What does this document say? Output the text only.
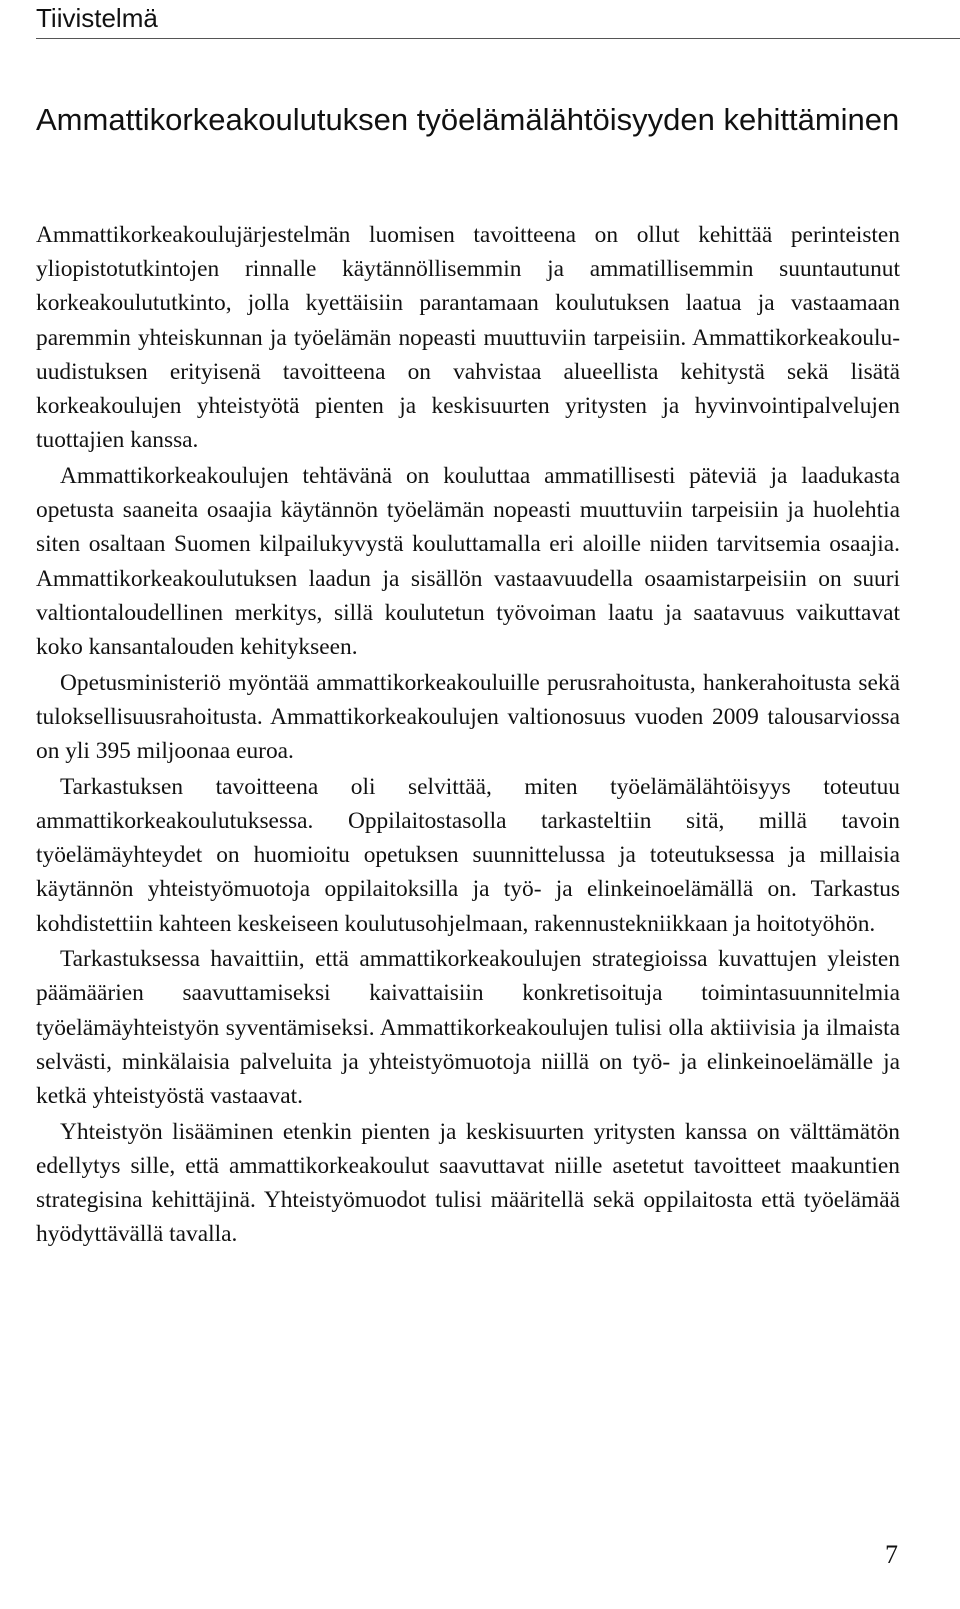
Tiivistelmä
Ammattikorkeakoulutuksen työelämälähtöisyyden kehittäminen

Ammattikorkeakoulujärjestelmän luomisen tavoitteena on ollut kehittää perinteisten yliopistotutkintojen rinnalle käytännöllisemmin ja ammatillisemmin suuntautunut korkeakoulututkinto, jolla kyettäisiin parantamaan koulutuksen laatua ja vastaamaan paremmin yhteiskunnan ja työelämän nopeasti muuttuviin tarpeisiin. Ammattikorkeakoulu-uudistuksen erityisenä tavoitteena on vahvistaa alueellista kehitystä sekä lisätä korkeakoulujen yhteistyötä pienten ja keskisuurten yritysten ja hyvinvointipalvelujen tuottajien kanssa.

Ammattikorkeakoulujen tehtävänä on kouluttaa ammatillisesti päteviä ja laadukasta opetusta saaneita osaajia käytännön työelämän nopeasti muuttuviin tarpeisiin ja huolehtia siten osaltaan Suomen kilpailukyvystä kouluttamalla eri aloille niiden tarvitsemia osaajia. Ammattikorkeakoulutuksen laadun ja sisällön vastaavuudella osaamistarpeisiin on suuri valtiontaloudellinen merkitys, sillä koulutetun työvoiman laatu ja saatavuus vaikuttavat koko kansantalouden kehitykseen.

Opetusministeriö myöntää ammattikorkeakouluille perusrahoitusta, hankerahoitusta sekä tuloksellisuusrahoitusta. Ammattikorkeakoulujen valtionosuus vuoden 2009 talousarviossa on yli 395 miljoonaa euroa.

Tarkastuksen tavoitteena oli selvittää, miten työelämälähtöisyys toteutuu ammattikorkeakoulutuksessa. Oppilaitostasolla tarkasteltiin sitä, millä tavoin työelämäyhteydet on huomioitu opetuksen suunnittelussa ja toteutuksessa ja millaisia käytännön yhteistyömuotoja oppilaitoksilla ja työ- ja elinkeinoelämällä on. Tarkastus kohdistettiin kahteen keskeiseen koulutusohjelmaan, rakennustekniikkaan ja hoitotyöhön.

Tarkastuksessa havaittiin, että ammattikorkeakoulujen strategioissa kuvattujen yleisten päämäärien saavuttamiseksi kaivattaisiin konkretisoituja toimintasuunnitelmia työelämäyhteistyön syventämiseksi. Ammattikorkeakoulujen tulisi olla aktiivisia ja ilmaista selvästi, minkälaisia palveluita ja yhteistyömuotoja niillä on työ- ja elinkeinoelämälle ja ketkä yhteistyöstä vastaavat.

Yhteistyön lisääminen etenkin pienten ja keskisuurten yritysten kanssa on välttämätön edellytys sille, että ammattikorkeakoulut saavuttavat niille asetetut tavoitteet maakuntien strategisina kehittäjinä. Yhteistyömuodot tulisi määritellä sekä oppilaitosta että työelämää hyödyttävällä tavalla.

7
